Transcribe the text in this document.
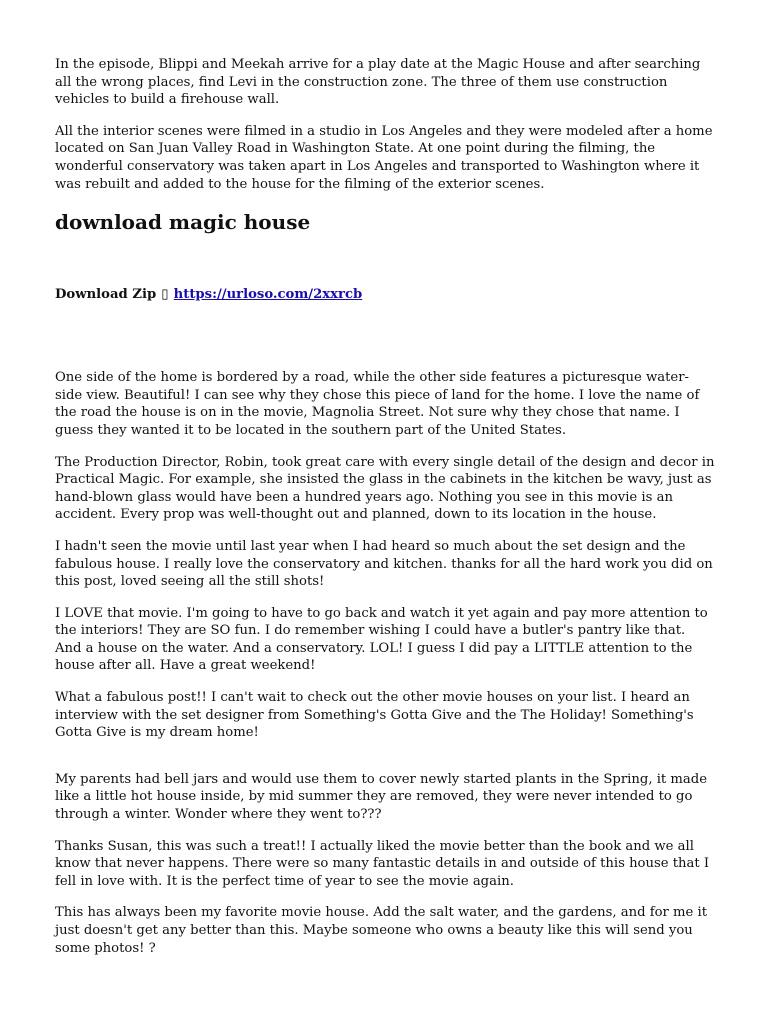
In the episode, Blippi and Meekah arrive for a play date at the Magic House and after searching all the wrong places, find Levi in the construction zone. The three of them use construction vehicles to build a firehouse wall.

All the interior scenes were filmed in a studio in Los Angeles and they were modeled after a home located on San Juan Valley Road in Washington State. At one point during the filming, the wonderful conservatory was taken apart in Los Angeles and transported to Washington where it was rebuilt and added to the house for the filming of the exterior scenes.

download magic house
Download Zip ▯ https://urloso.com/2xxrcb

One side of the home is bordered by a road, while the other side features a picturesque water-side view. Beautiful! I can see why they chose this piece of land for the home. I love the name of the road the house is on in the movie, Magnolia Street. Not sure why they chose that name. I guess they wanted it to be located in the southern part of the United States.

The Production Director, Robin, took great care with every single detail of the design and decor in Practical Magic. For example, she insisted the glass in the cabinets in the kitchen be wavy, just as hand-blown glass would have been a hundred years ago. Nothing you see in this movie is an accident. Every prop was well-thought out and planned, down to its location in the house.

I hadn't seen the movie until last year when I had heard so much about the set design and the fabulous house. I really love the conservatory and kitchen. thanks for all the hard work you did on this post, loved seeing all the still shots!

I LOVE that movie. I'm going to have to go back and watch it yet again and pay more attention to the interiors! They are SO fun. I do remember wishing I could have a butler's pantry like that. And a house on the water. And a conservatory. LOL! I guess I did pay a LITTLE attention to the house after all. Have a great weekend!

What a fabulous post!! I can't wait to check out the other movie houses on your list. I heard an interview with the set designer from Something's Gotta Give and the The Holiday! Something's Gotta Give is my dream home!

My parents had bell jars and would use them to cover newly started plants in the Spring, it made like a little hot house inside, by mid summer they are removed, they were never intended to go through a winter. Wonder where they went to???

Thanks Susan, this was such a treat!! I actually liked the movie better than the book and we all know that never happens. There were so many fantastic details in and outside of this house that I fell in love with. It is the perfect time of year to see the movie again.

This has always been my favorite movie house. Add the salt water, and the gardens, and for me it just doesn't get any better than this. Maybe someone who owns a beauty like this will send you some photos! ?
